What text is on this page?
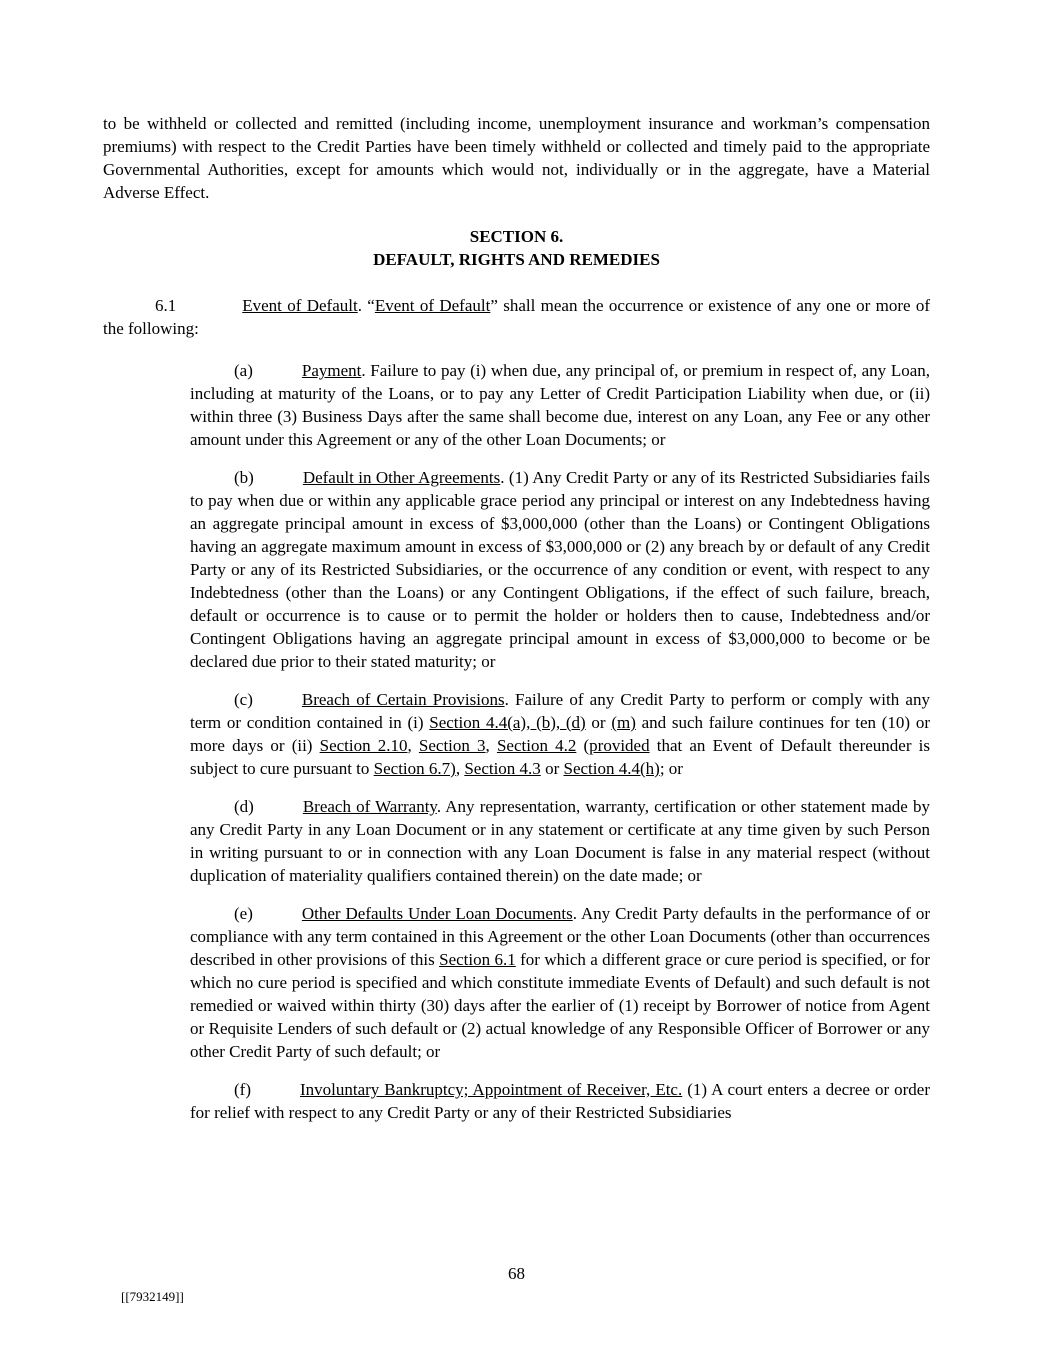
to be withheld or collected and remitted (including income, unemployment insurance and workman’s compensation premiums) with respect to the Credit Parties have been timely withheld or collected and timely paid to the appropriate Governmental Authorities, except for amounts which would not, individually or in the aggregate, have a Material Adverse Effect.

SECTION 6.
DEFAULT, RIGHTS AND REMEDIES

6.1	Event of Default. “Event of Default” shall mean the occurrence or existence of any one or more of the following:

(a)	Payment. Failure to pay (i) when due, any principal of, or premium in respect of, any Loan, including at maturity of the Loans, or to pay any Letter of Credit Participation Liability when due, or (ii) within three (3) Business Days after the same shall become due, interest on any Loan, any Fee or any other amount under this Agreement or any of the other Loan Documents; or

(b)	Default in Other Agreements. (1) Any Credit Party or any of its Restricted Subsidiaries fails to pay when due or within any applicable grace period any principal or interest on any Indebtedness having an aggregate principal amount in excess of $3,000,000 (other than the Loans) or Contingent Obligations having an aggregate maximum amount in excess of $3,000,000 or (2) any breach by or default of any Credit Party or any of its Restricted Subsidiaries, or the occurrence of any condition or event, with respect to any Indebtedness (other than the Loans) or any Contingent Obligations, if the effect of such failure, breach, default or occurrence is to cause or to permit the holder or holders then to cause, Indebtedness and/or Contingent Obligations having an aggregate principal amount in excess of $3,000,000 to become or be declared due prior to their stated maturity; or

(c)	Breach of Certain Provisions. Failure of any Credit Party to perform or comply with any term or condition contained in (i) Section 4.4(a), (b), (d) or (m) and such failure continues for ten (10) or more days or (ii) Section 2.10, Section 3, Section 4.2 (provided that an Event of Default thereunder is subject to cure pursuant to Section 6.7), Section 4.3 or Section 4.4(h); or

(d)	Breach of Warranty. Any representation, warranty, certification or other statement made by any Credit Party in any Loan Document or in any statement or certificate at any time given by such Person in writing pursuant to or in connection with any Loan Document is false in any material respect (without duplication of materiality qualifiers contained therein) on the date made; or

(e)	Other Defaults Under Loan Documents. Any Credit Party defaults in the performance of or compliance with any term contained in this Agreement or the other Loan Documents (other than occurrences described in other provisions of this Section 6.1 for which a different grace or cure period is specified, or for which no cure period is specified and which constitute immediate Events of Default) and such default is not remedied or waived within thirty (30) days after the earlier of (1) receipt by Borrower of notice from Agent or Requisite Lenders of such default or (2) actual knowledge of any Responsible Officer of Borrower or any other Credit Party of such default; or

(f)	Involuntary Bankruptcy; Appointment of Receiver, Etc. (1) A court enters a decree or order for relief with respect to any Credit Party or any of their Restricted Subsidiaries

68
[[7932149]]
